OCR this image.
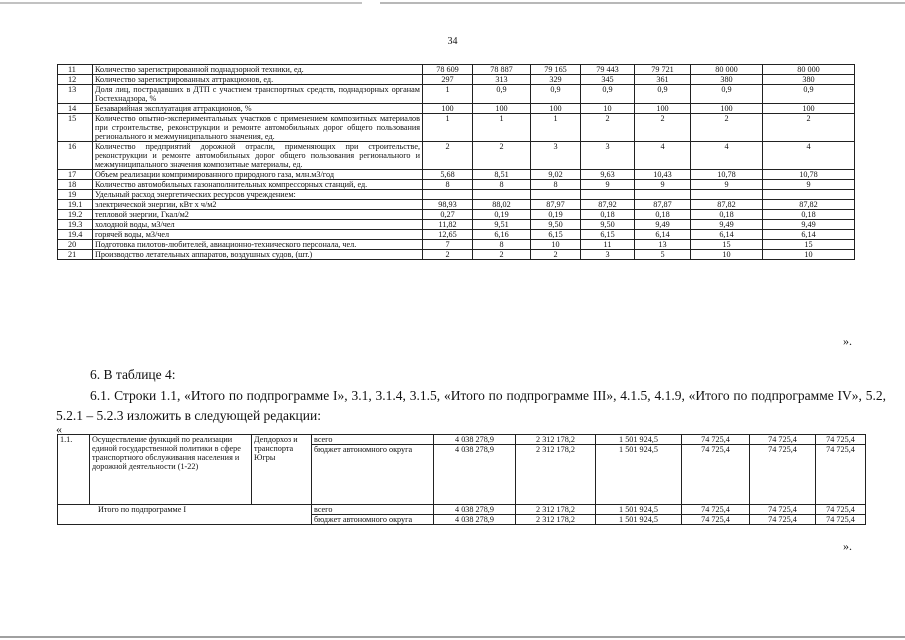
34
11	Количество зарегистрированной поднадзорной техники, ед.	78 609	78 887	79 165	79 443	79 721	80 000	80 000
12	Количество зарегистрированных аттракционов, ед.	297	313	329	345	361	380	380
13	Доля лиц, пострадавших в ДТП с участием транспортных средств, поднадзорных органам Гостехнадзора, %	1	0,9	0,9	0,9	0,9	0,9	0,9
14	Безаварийная эксплуатация аттракционов, %	100	100	100	10	100	100	100
15	Количество опытно-экспериментальных участков с применением композитных материалов при строительстве, реконструкции и ремонте автомобильных дорог общего пользования регионального и межмуниципального значения, ед.	1	1	1	2	2	2	2
16	Количество предприятий дорожной отрасли, применяющих при строительстве, реконструкции и ремонте автомобильных дорог общего пользования регионального и межмуниципального значения композитные материалы, ед.	2	2	3	3	4	4	4
17	Объем реализации компримированного природного газа, млн.м3/год	5,68	8,51	9,02	9,63	10,43	10,78	10,78
18	Количество автомобильных газонаполнительных компрессорных станций, ед.	8	8	8	9	9	9	9
19	Удельный расход энергетических ресурсов учреждением:							
19.1	электрической энергии, кВт х ч/м2	98,93	88,02	87,97	87,92	87,87	87,82	87,82
19.2	тепловой энергии, Гкал/м2	0,27	0,19	0,19	0,18	0,18	0,18	0,18
19.3	холодной воды, м3/чел	11,82	9,51	9,50	9,50	9,49	9,49	9,49
19.4	горячей воды, м3/чел	12,65	6,16	6,15	6,15	6,14	6,14	6,14
20	Подготовка пилотов-любителей, авиационно-технического персонала, чел.	7	8	10	11	13	15	15
21	Производство летательных аппаратов, воздушных судов, (шт.)	2	2	2	3	5	10	10
».
6. В таблице 4:
6.1. Строки 1.1, «Итого по подпрограмме I», 3.1, 3.1.4, 3.1.5, «Итого по подпрограмме III», 4.1.5, 4.1.9, «Итого по подпрограмме IV», 5.2, 5.2.1 – 5.2.3 изложить в следующей редакции:
«
1.1.	Осуществление функций по реализации единой государственной политики в сфере транспортного обслуживания населения и дорожной деятельности (1-22)	Депдорхоз и транспорта Югры	всего	4 038 278,9	2 312 178,2	1 501 924,5	74 725,4	74 725,4	74 725,4
			бюджет автономного округа	4 038 278,9	2 312 178,2	1 501 924,5	74 725,4	74 725,4	74 725,4
Итого по подпрограмме I			всего	4 038 278,9	2 312 178,2	1 501 924,5	74 725,4	74 725,4	74 725,4
			бюджет автономного округа	4 038 278,9	2 312 178,2	1 501 924,5	74 725,4	74 725,4	74 725,4
».
